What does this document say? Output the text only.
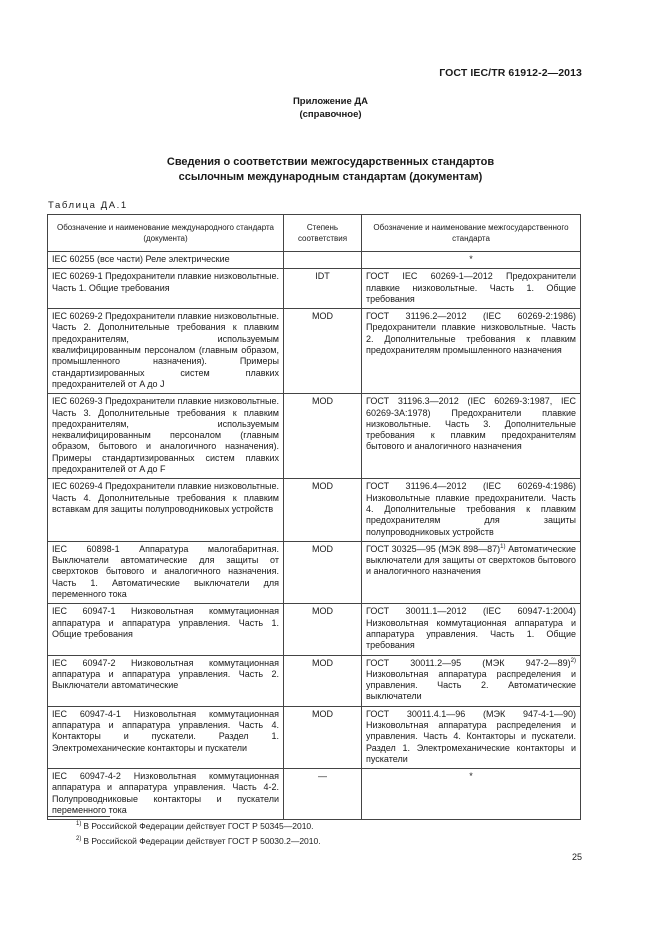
ГОСТ IEC/TR 61912-2—2013
Приложение ДА
(справочное)
Сведения о соответствии межгосударственных стандартов
ссылочным международным стандартам (документам)
Таблица ДА.1
Обозначение и наименование международного стандарта (документа)	Степень соответствия	Обозначение и наименование межгосударственного стандарта
IEC 60255 (все части) Реле электрические		*
IEC 60269-1 Предохранители плавкие низковольтные. Часть 1. Общие требования	IDT	ГОСТ IEC 60269-1—2012 Предохранители плавкие низковольтные. Часть 1. Общие требования
IEC 60269-2 Предохранители плавкие низковольтные. Часть 2. Дополнительные требования к плавким предохранителям, используемым квалифицированным персоналом (главным образом, промышленного назначения). Примеры стандартизированных систем плавких предохранителей от A до J	MOD	ГОСТ 31196.2—2012 (IEC 60269-2:1986) Предохранители плавкие низковольтные. Часть 2. Дополнительные требования к плавким предохранителям промышленного назначения
IEC 60269-3 Предохранители плавкие низковольтные. Часть 3. Дополнительные требования к плавким предохранителям, используемым неквалифицированным персоналом (главным образом, бытового и аналогичного назначения). Примеры стандартизированных систем плавких предохранителей от A до F	MOD	ГОСТ 31196.3—2012 (IEC 60269-3:1987, IEC 60269-3A:1978) Предохранители плавкие низковольтные. Часть 3. Дополнительные требования к плавким предохранителям бытового и аналогичного назначения
IEC 60269-4 Предохранители плавкие низковольтные. Часть 4. Дополнительные требования к плавким вставкам для защиты полупроводниковых устройств	MOD	ГОСТ 31196.4—2012 (IEC 60269-4:1986) Низковольтные плавкие предохранители. Часть 4. Дополнительные требования к плавким предохранителям для защиты полупроводниковых устройств
IEC 60898-1 Аппаратура малогабаритная. Выключатели автоматические для защиты от сверхтоков бытового и аналогичного назначения. Часть 1. Автоматические выключатели для переменного тока	MOD	ГОСТ 30325—95 (МЭК 898—87)$^{1)}$ Автоматические выключатели для защиты от сверхтоков бытового и аналогичного назначения
IEC 60947-1 Низковольтная коммутационная аппаратура и аппаратура управления. Часть 1. Общие требования	MOD	ГОСТ 30011.1—2012 (IEC 60947-1:2004) Низковольтная коммутационная аппаратура и аппаратура управления. Часть 1. Общие требования
IEC 60947-2 Низковольтная коммутационная аппаратура и аппаратура управления. Часть 2. Выключатели автоматические	MOD	ГОСТ 30011.2—95 (МЭК 947-2—89)$^{2)}$ Низковольтная аппаратура распределения и управления. Часть 2. Автоматические выключатели
IEC 60947-4-1 Низковольтная коммутационная аппаратура и аппаратура управления. Часть 4. Контакторы и пускатели. Раздел 1. Электромеханические контакторы и пускатели	MOD	ГОСТ 30011.4.1—96 (МЭК 947-4-1—90) Низковольтная аппаратура распределения и управления. Часть 4. Контакторы и пускатели. Раздел 1. Электромеханические контакторы и пускатели
IEC 60947-4-2 Низковольтная коммутационная аппаратура и аппаратура управления. Часть 4-2. Полупроводниковые контакторы и пускатели переменного тока	—	*
$^{1)}$ В Российской Федерации действует ГОСТ Р 50345—2010.
$^{2)}$ В Российской Федерации действует ГОСТ Р 50030.2—2010.
25
